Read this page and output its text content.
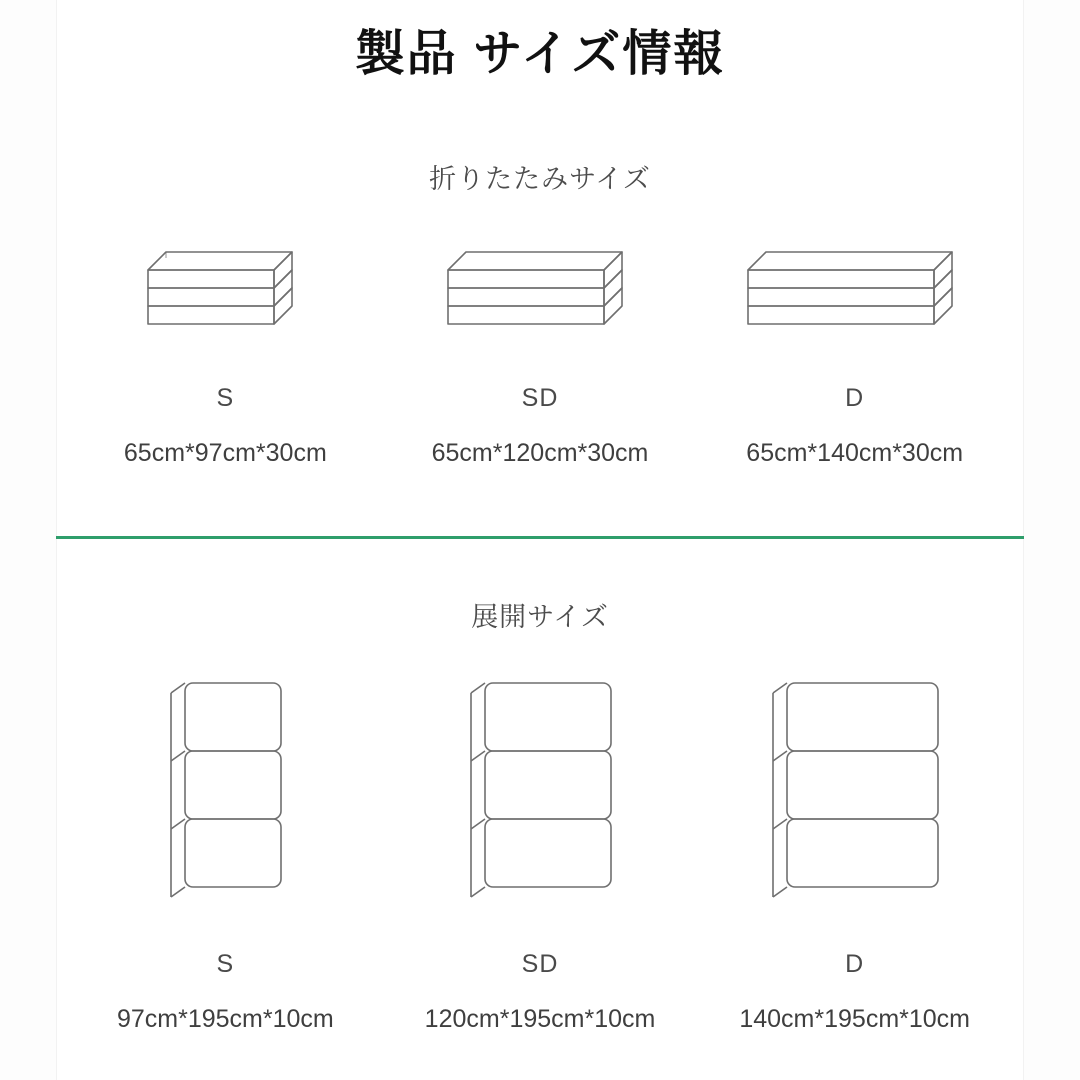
製品 サイズ情報
折りたたみサイズ
S
65cm*97cm*30cm
SD
65cm*120cm*30cm
D
65cm*140cm*30cm
展開サイズ
S
97cm*195cm*10cm
SD
120cm*195cm*10cm
D
140cm*195cm*10cm
